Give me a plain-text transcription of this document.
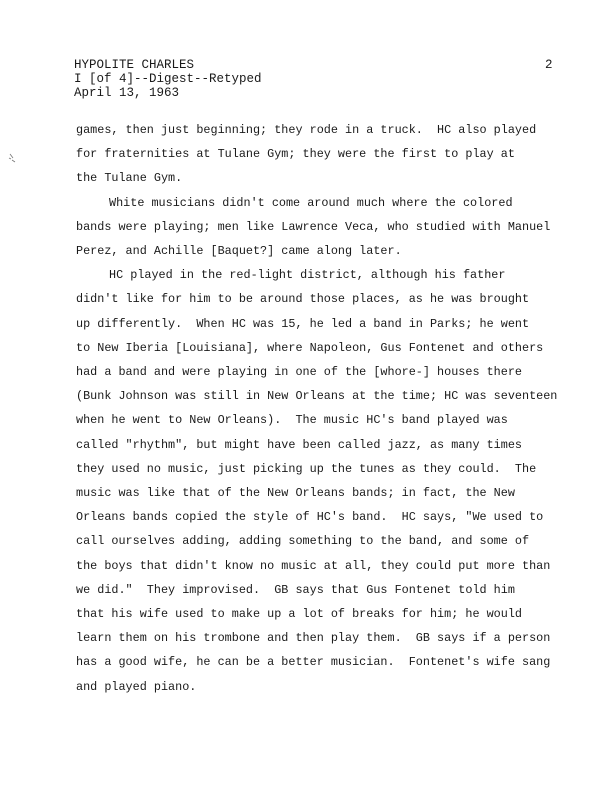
HYPOLITE CHARLES
I [of 4]--Digest--Retyped
April 13, 1963
2
games, then just beginning; they rode in a truck.  HC also played
for fraternities at Tulane Gym; they were the first to play at
the Tulane Gym.
White musicians didn't come around much where the colored
bands were playing; men like Lawrence Veca, who studied with Manuel
Perez, and Achille [Baquet?] came along later.
HC played in the red-light district, although his father
didn't like for him to be around those places, as he was brought
up differently.  When HC was 15, he led a band in Parks; he went
to New Iberia [Louisiana], where Napoleon, Gus Fontenet and others
had a band and were playing in one of the [whore-] houses there
(Bunk Johnson was still in New Orleans at the time; HC was seventeen
when he went to New Orleans).  The music HC's band played was
called "rhythm", but might have been called jazz, as many times
they used no music, just picking up the tunes as they could.  The
music was like that of the New Orleans bands; in fact, the New
Orleans bands copied the style of HC's band.  HC says, "We used to
call ourselves adding, adding something to the band, and some of
the boys that didn't know no music at all, they could put more than
we did."  They improvised.  GB says that Gus Fontenet told him
that his wife used to make up a lot of breaks for him; he would
learn them on his trombone and then play them.  GB says if a person
has a good wife, he can be a better musician.  Fontenet's wife sang
and played piano.
